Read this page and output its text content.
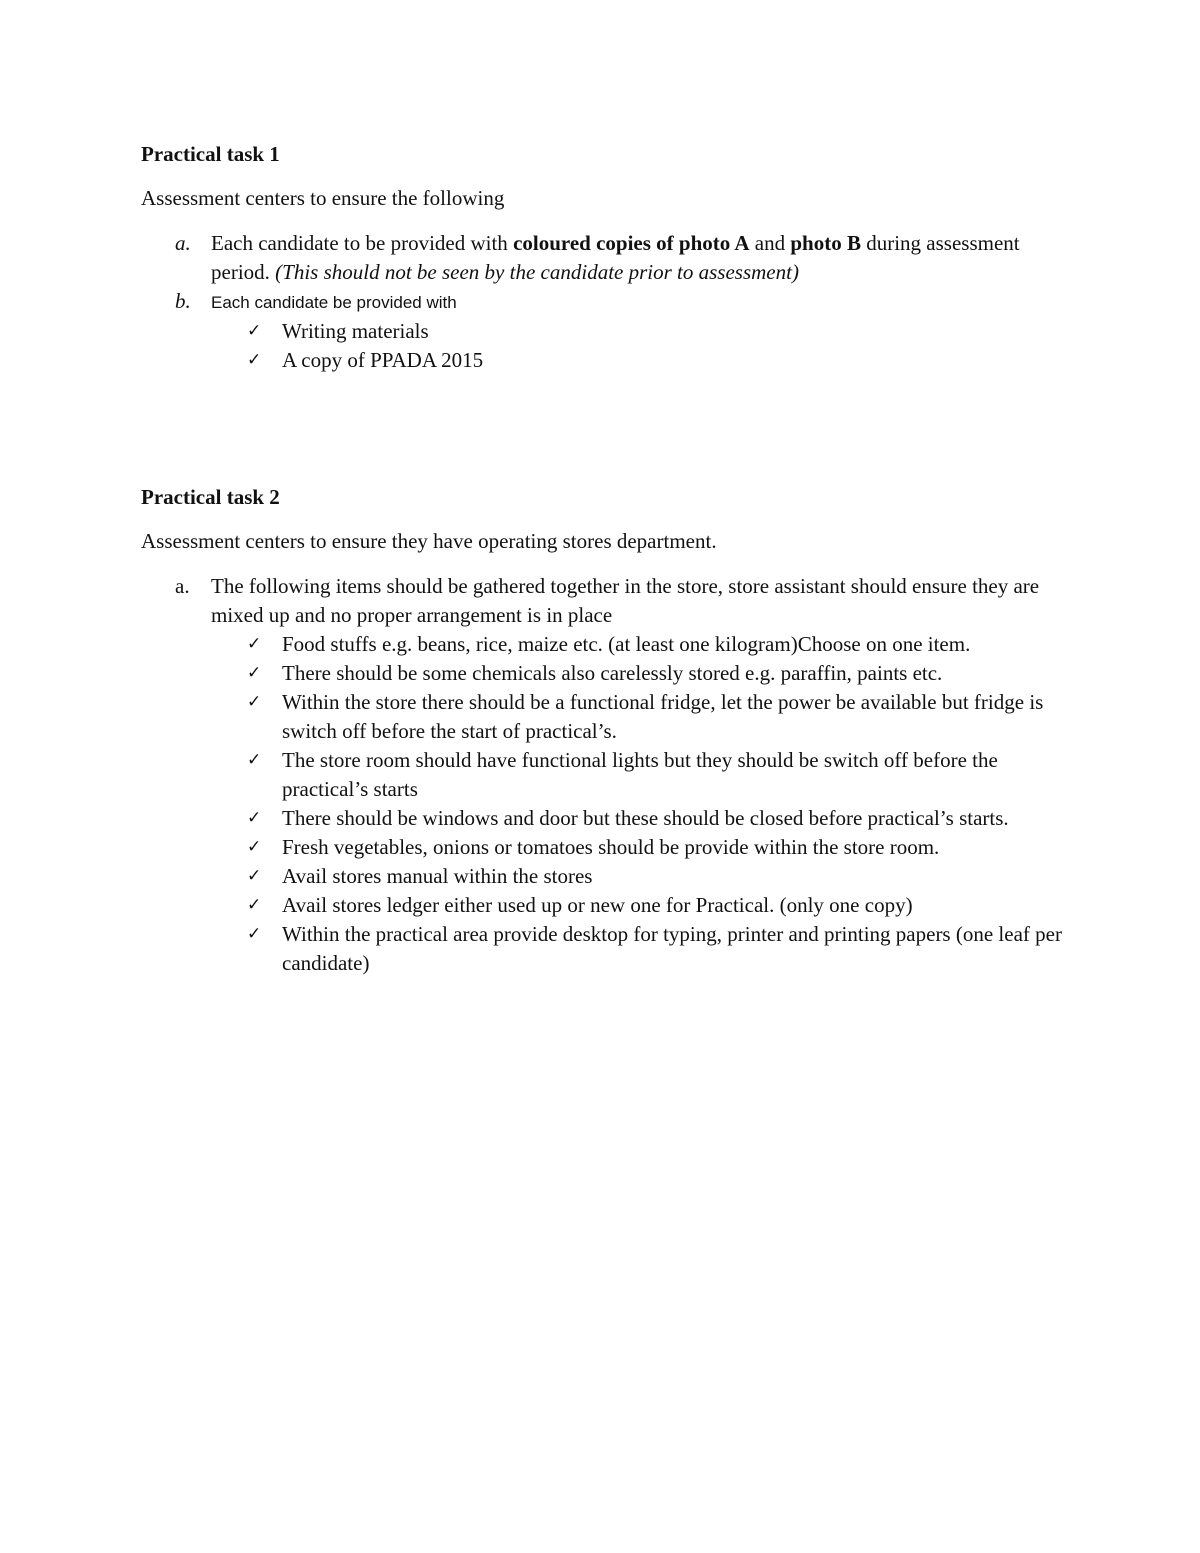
Practical task 1

Assessment centers to ensure the following

a. Each candidate to be provided with coloured copies of photo A and photo B during assessment period. (This should not be seen by the candidate prior to assessment)
b. Each candidate be provided with
✓ Writing materials
✓ A copy of PPADA 2015
Practical task 2

Assessment centers to ensure they have operating stores department.

a. The following items should be gathered together in the store, store assistant should ensure they are mixed up and no proper arrangement is in place
✓ Food stuffs e.g. beans, rice, maize etc. (at least one kilogram)Choose on one item.
✓ There should be some chemicals also carelessly stored e.g. paraffin, paints etc.
✓ Within the store there should be a functional fridge, let the power be available but fridge is switch off before the start of practical’s.
✓ The store room should have functional lights but they should be switch off before the practical’s starts
✓ There should be windows and door but these should be closed before practical’s starts.
✓ Fresh vegetables, onions or tomatoes should be provide within the store room.
✓ Avail stores manual within the stores
✓ Avail stores ledger either used up or new one for Practical. (only one copy)
✓ Within the practical area provide desktop for typing, printer and printing papers (one leaf per candidate)
